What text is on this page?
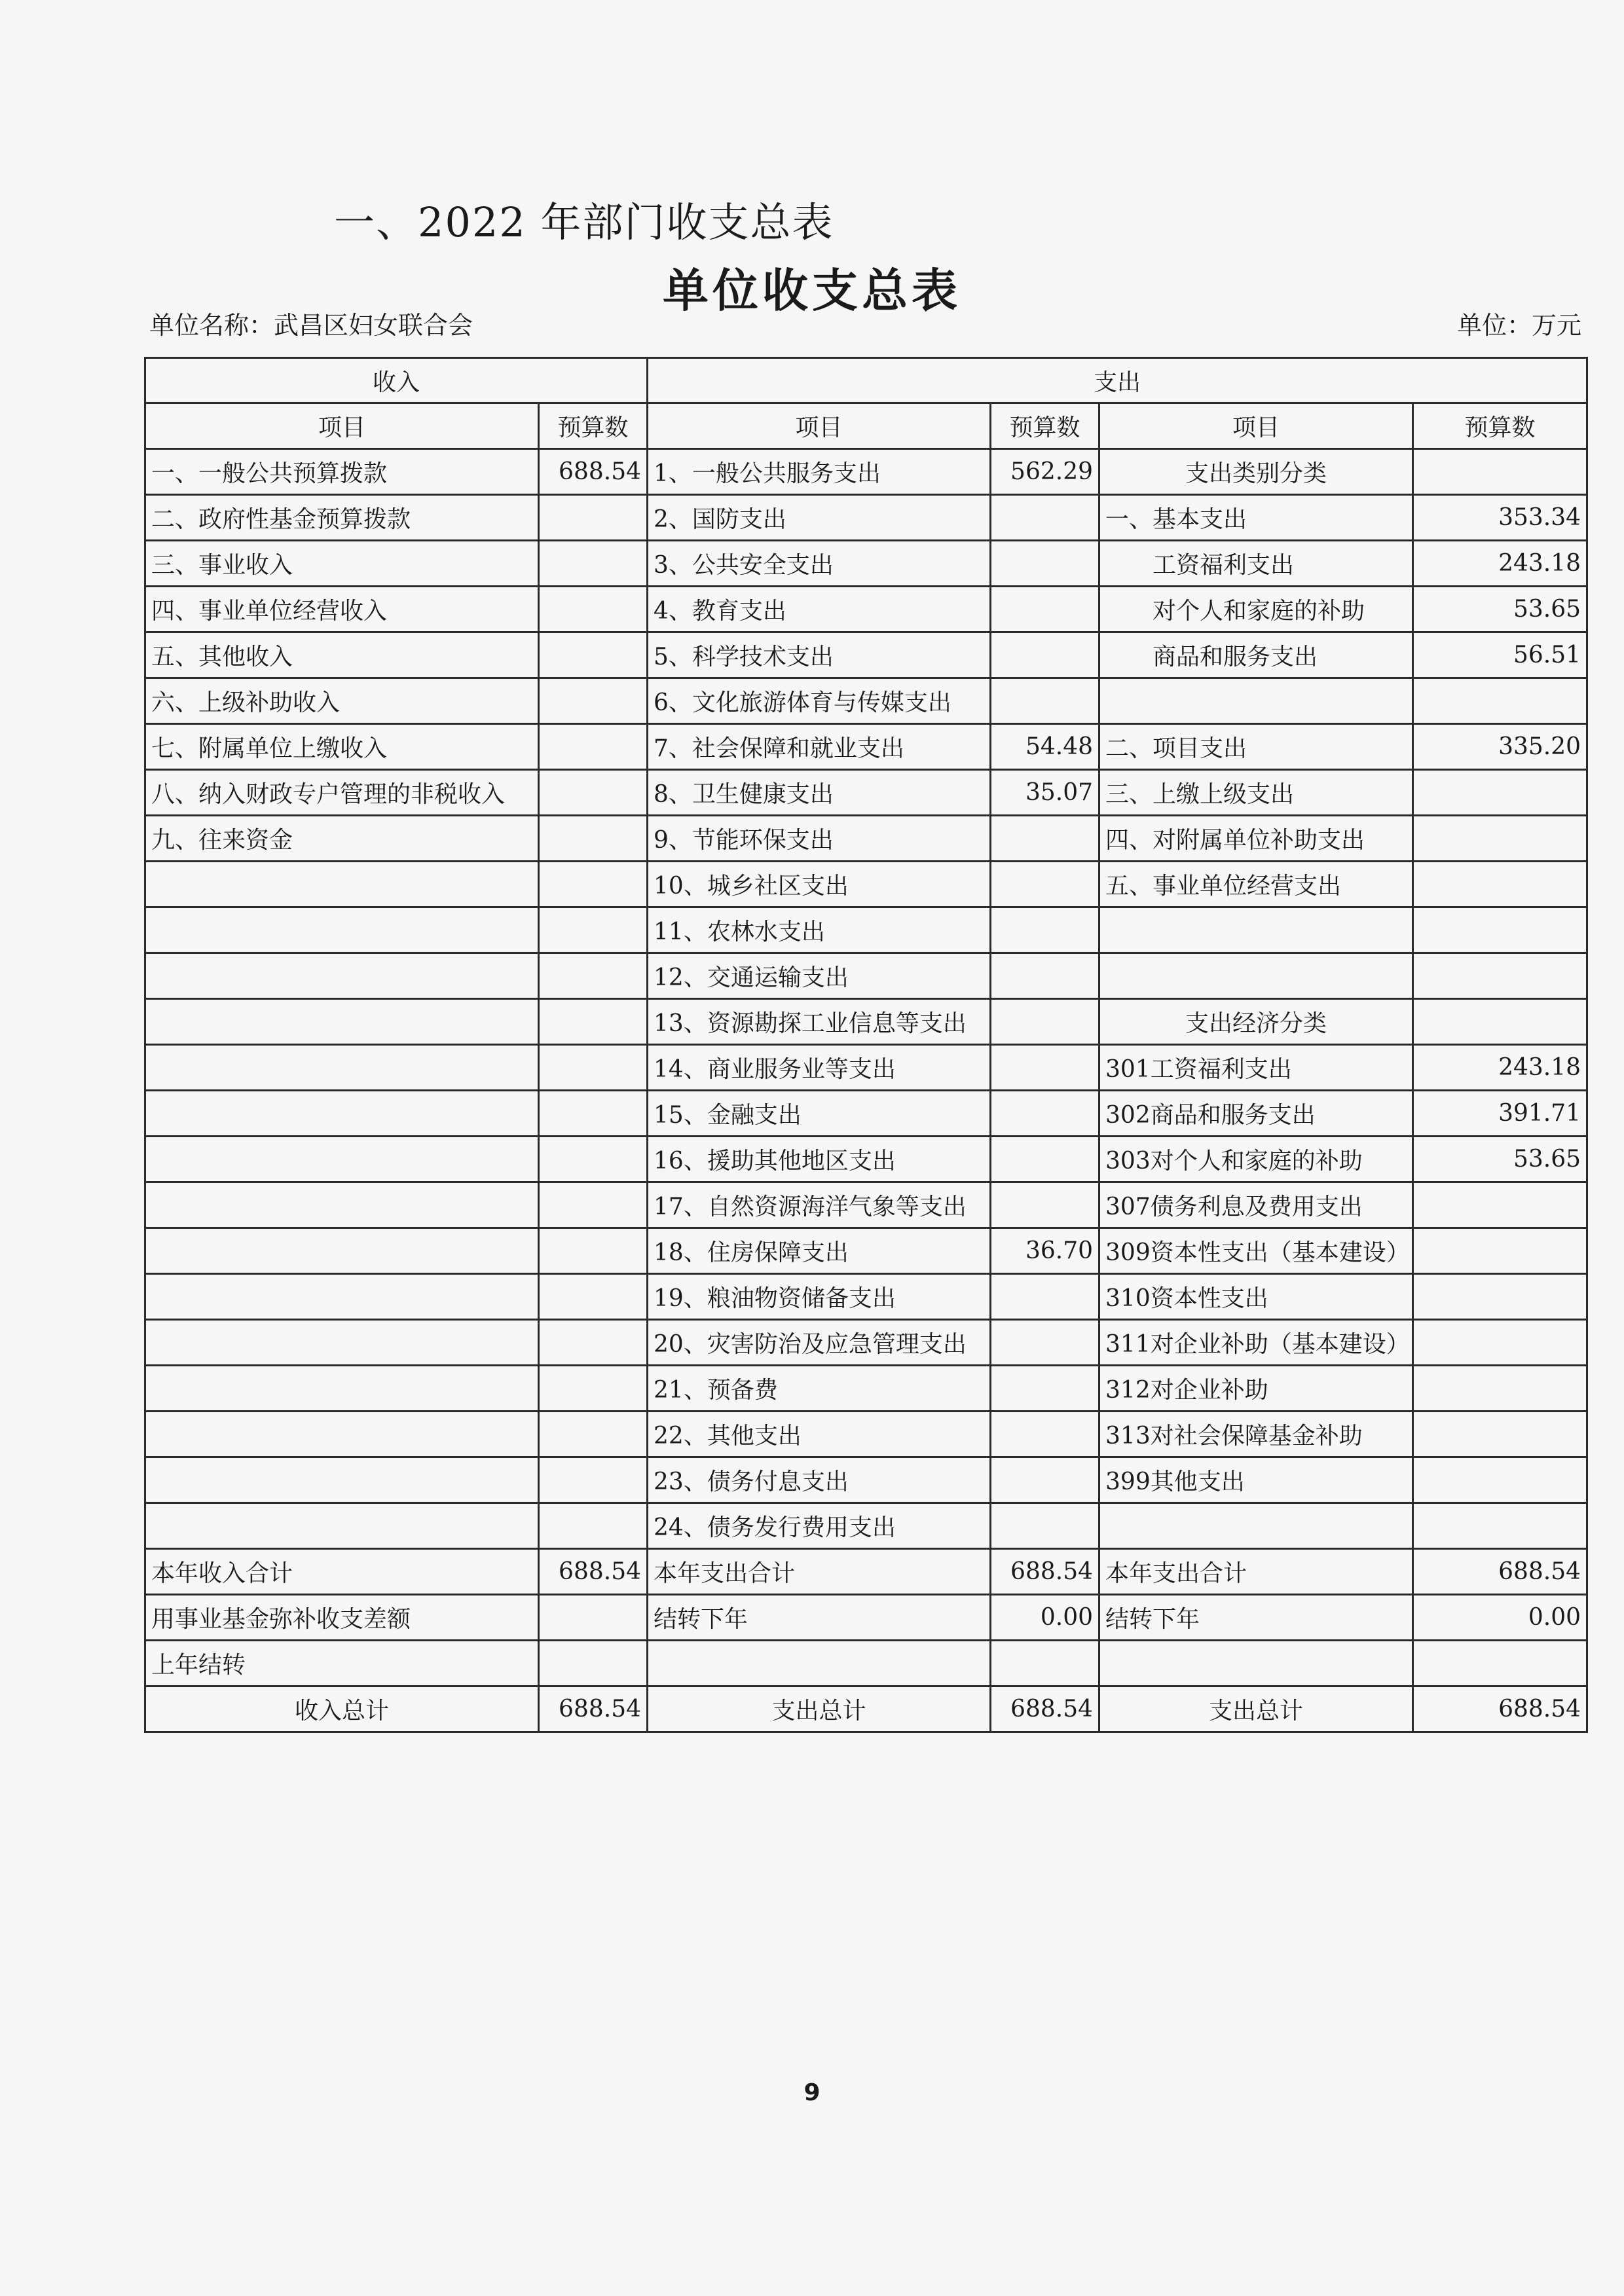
一、2022 年部门收支总表
单位收支总表
单位名称：武昌区妇女联合会	单位：万元
收入		支出			
项目	预算数	项目	预算数	项目	预算数
一、一般公共预算拨款	688.54	1、一般公共服务支出	562.29	支出类别分类	
二、政府性基金预算拨款		2、国防支出		一、基本支出	353.34
三、事业收入		3、公共安全支出		工资福利支出	243.18
四、事业单位经营收入		4、教育支出		对个人和家庭的补助	53.65
五、其他收入		5、科学技术支出		商品和服务支出	56.51
六、上级补助收入		6、文化旅游体育与传媒支出			
七、附属单位上缴收入		7、社会保障和就业支出	54.48	二、项目支出	335.20
八、纳入财政专户管理的非税收入		8、卫生健康支出	35.07	三、上缴上级支出	
九、往来资金		9、节能环保支出		四、对附属单位补助支出	
		10、城乡社区支出		五、事业单位经营支出	
		11、农林水支出			
		12、交通运输支出			
		13、资源勘探工业信息等支出		支出经济分类	
		14、商业服务业等支出		301工资福利支出	243.18
		15、金融支出		302商品和服务支出	391.71
		16、援助其他地区支出		303对个人和家庭的补助	53.65
		17、自然资源海洋气象等支出		307债务利息及费用支出	
		18、住房保障支出	36.70	309资本性支出（基本建设）	
		19、粮油物资储备支出		310资本性支出	
		20、灾害防治及应急管理支出		311对企业补助（基本建设）	
		21、预备费		312对企业补助	
		22、其他支出		313对社会保障基金补助	
		23、债务付息支出		399其他支出	
		24、债务发行费用支出			
本年收入合计	688.54	本年支出合计	688.54	本年支出合计	688.54
用事业基金弥补收支差额		结转下年	0.00	结转下年	0.00
上年结转					
收入总计	688.54	支出总计	688.54	支出总计	688.54
9
